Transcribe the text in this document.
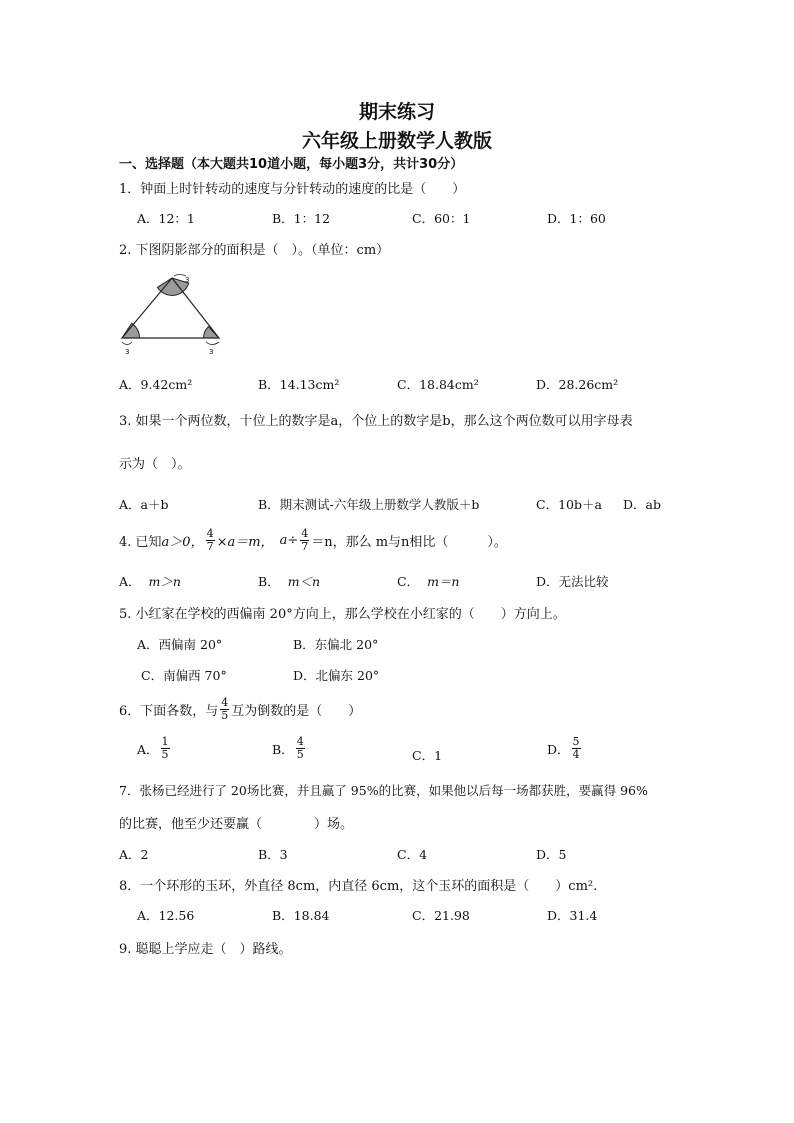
期末练习
六年级上册数学人教版
一、选择题（本大题共10道小题，每小题3分，共计30分）
1．钟面上时针转动的速度与分针转动的速度的比是（　　）
A．12：1	B．1：12	C．60：1	D．1：60
2. 下图阴影部分的面积是（　）。（单位：cm）
3
3	3
A．9.42cm²	B．14.13cm²	C．18.84cm²	D．28.26cm²
3. 如果一个两位数，十位上的数字是a，个位上的数字是b，那么这个两位数可以用字母表
示为（　）。
A．a＋b	B．期末测试-六年级上册数学人教版＋b	C．10b＋a D．ab
4. 已知 a＞0， $\frac{4}{7} \times a=m$， $a\div \frac{4}{7} =n$，那么 m与n相比（　　　）。
A． m＞n	B． m＜n	C． m＝n	D．无法比较
5. 小红家在学校的西偏南 20°方向上，那么学校在小红家的（　　）方向上。
A．西偏南 20°	B．东偏北 20°
C．南偏西 70°	D．北偏东 20°
6．下面各数，与 $\frac{4}{5}$ 互为倒数的是（　　）
A． $\frac{1}{5}$	B． $\frac{4}{5}$	C．1	D． $\frac{5}{4}$
7．张杨已经进行了 20场比赛，并且赢了 95%的比赛，如果他以后每一场都获胜，要赢得 96%
的比赛，他至少还要赢（　　　　）场。
A．2	B．3	C．4	D．5
8．一个环形的玉环，外直径 8cm，内直径 6cm，这个玉环的面积是（　　）cm².
A．12.56	B．18.84	C．21.98	D．31.4
9. 聪聪上学应走（　）路线。
